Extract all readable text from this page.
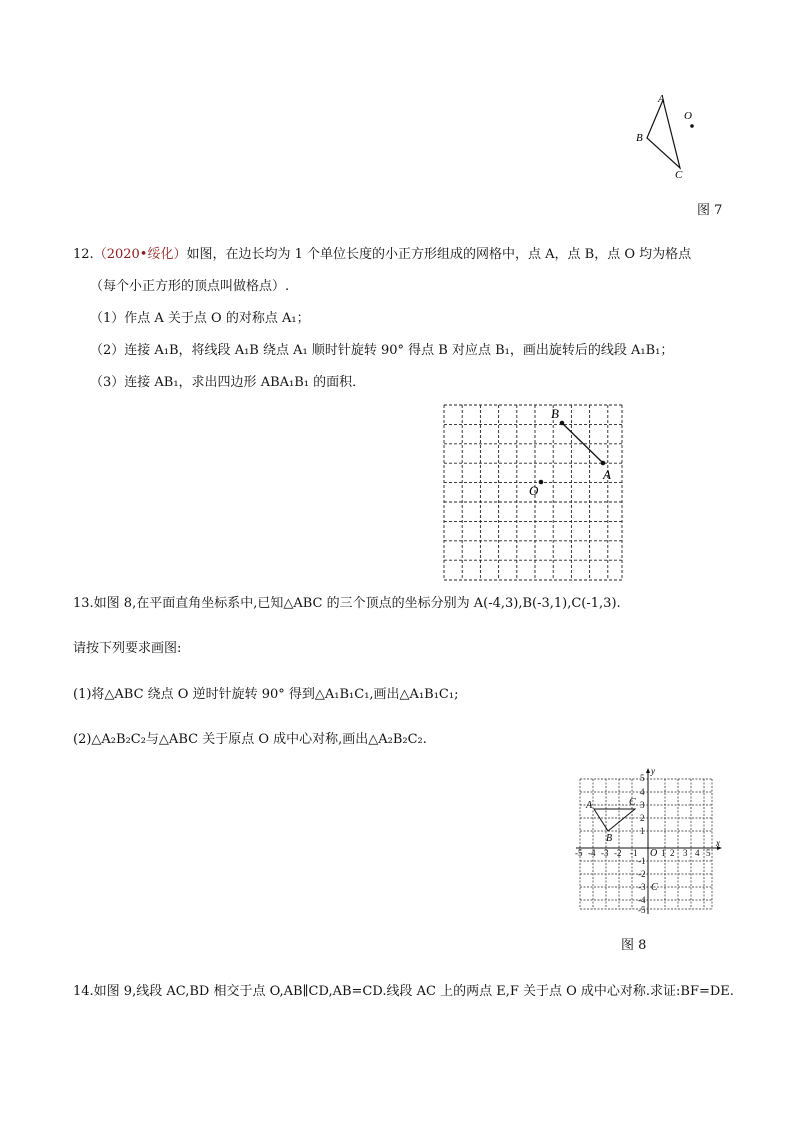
A
B
C
O
图 7
12.（2020•绥化）如图，在边长均为 1 个单位长度的小正方形组成的网格中，点 A，点 B，点 O 均为格点
（每个小正方形的顶点叫做格点）.
（1）作点 A 关于点 O 的对称点 A₁；
（2）连接 A₁B，将线段 A₁B 绕点 A₁ 顺时针旋转 90° 得点 B 对应点 B₁，画出旋转后的线段 A₁B₁；
（3）连接 AB₁，求出四边形 ABA₁B₁ 的面积．
B
A
O
13.如图 8,在平面直角坐标系中,已知△ABC 的三个顶点的坐标分别为 A(-4,3),B(-3,1),C(-1,3).
请按下列要求画图:
(1)将△ABC 绕点 O 逆时针旋转 90° 得到△A₁B₁C₁,画出△A₁B₁C₁;
(2)△A₂B₂C₂与△ABC 关于原点 O 成中心对称,画出△A₂B₂C₂.
x
y
O
-5 -4 -3 -2 -1	1 2 3 4 5
5
4
3
2
1
-1
-2
-3
-4
-5
A
B
C
C
图 8
14.如图 9,线段 AC,BD 相交于点 O,AB∥CD,AB=CD.线段 AC 上的两点 E,F 关于点 O 成中心对称.求证:BF=DE.
